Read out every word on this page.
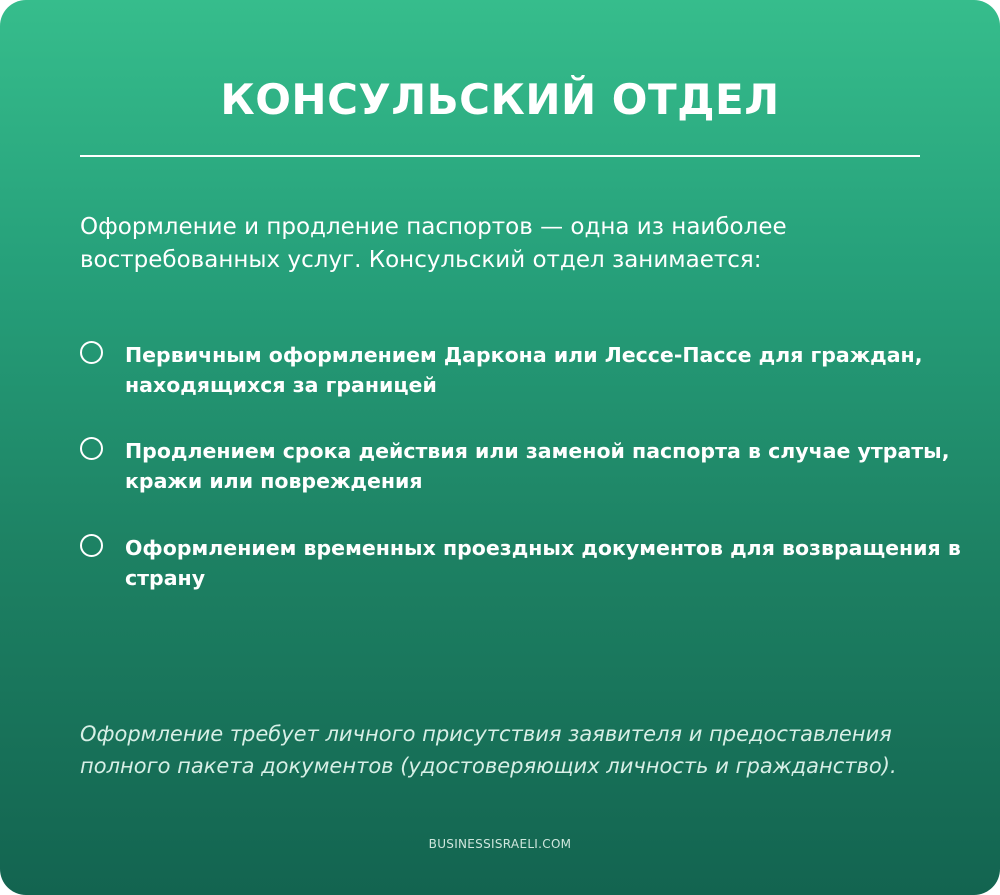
КОНСУЛЬСКИЙ ОТДЕЛ

Оформление и продление паспортов — одна из наиболее востребованных услуг. Консульский отдел занимается:

Первичным оформлением Даркона или Лессе-Пассе для граждан, находящихся за границей
Продлением срока действия или заменой паспорта в случае утраты, кражи или повреждения
Оформлением временных проездных документов для возвращения в страну

Оформление требует личного присутствия заявителя и предоставления полного пакета документов (удостоверяющих личность и гражданство).

BUSINESSISRAELI.COM
